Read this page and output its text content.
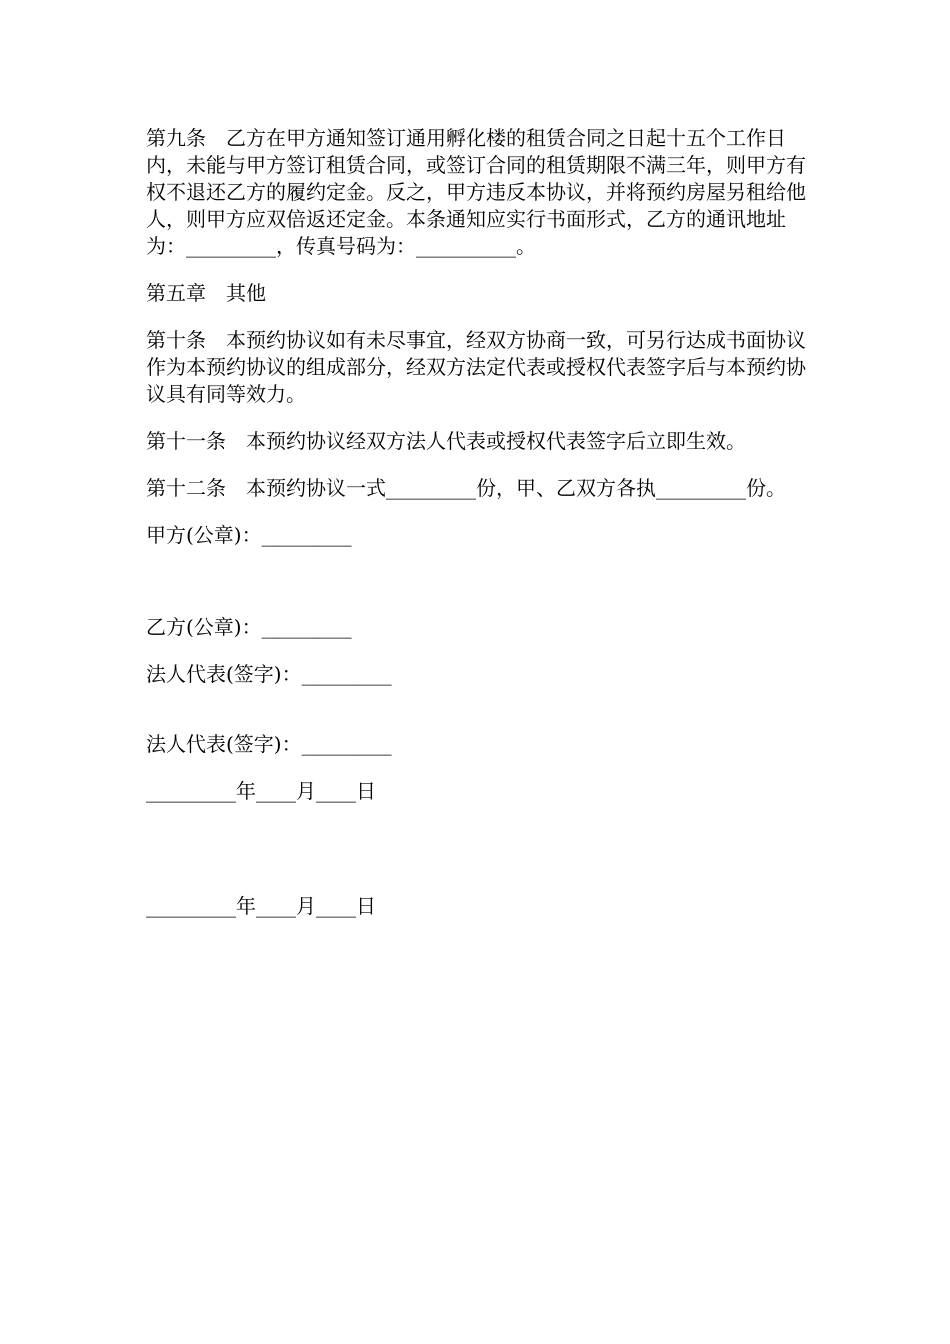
第九条　乙方在甲方通知签订通用孵化楼的租赁合同之日起十五个工作日内，未能与甲方签订租赁合同，或签订合同的租赁期限不满三年，则甲方有权不退还乙方的履约定金。反之，甲方违反本协议，并将预约房屋另租给他人，则甲方应双倍返还定金。本条通知应实行书面形式，乙方的通讯地址为：_________，传真号码为：__________。

第五章　其他

第十条　本预约协议如有未尽事宜，经双方协商一致，可另行达成书面协议作为本预约协议的组成部分，经双方法定代表或授权代表签字后与本预约协议具有同等效力。

第十一条　本预约协议经双方法人代表或授权代表签字后立即生效。

第十二条　本预约协议一式_________份，甲、乙双方各执_________份。

甲方(公章)：_________

乙方(公章)：_________

法人代表(签字)：_________

法人代表(签字)：_________

_________年____月____日

_________年____月____日
